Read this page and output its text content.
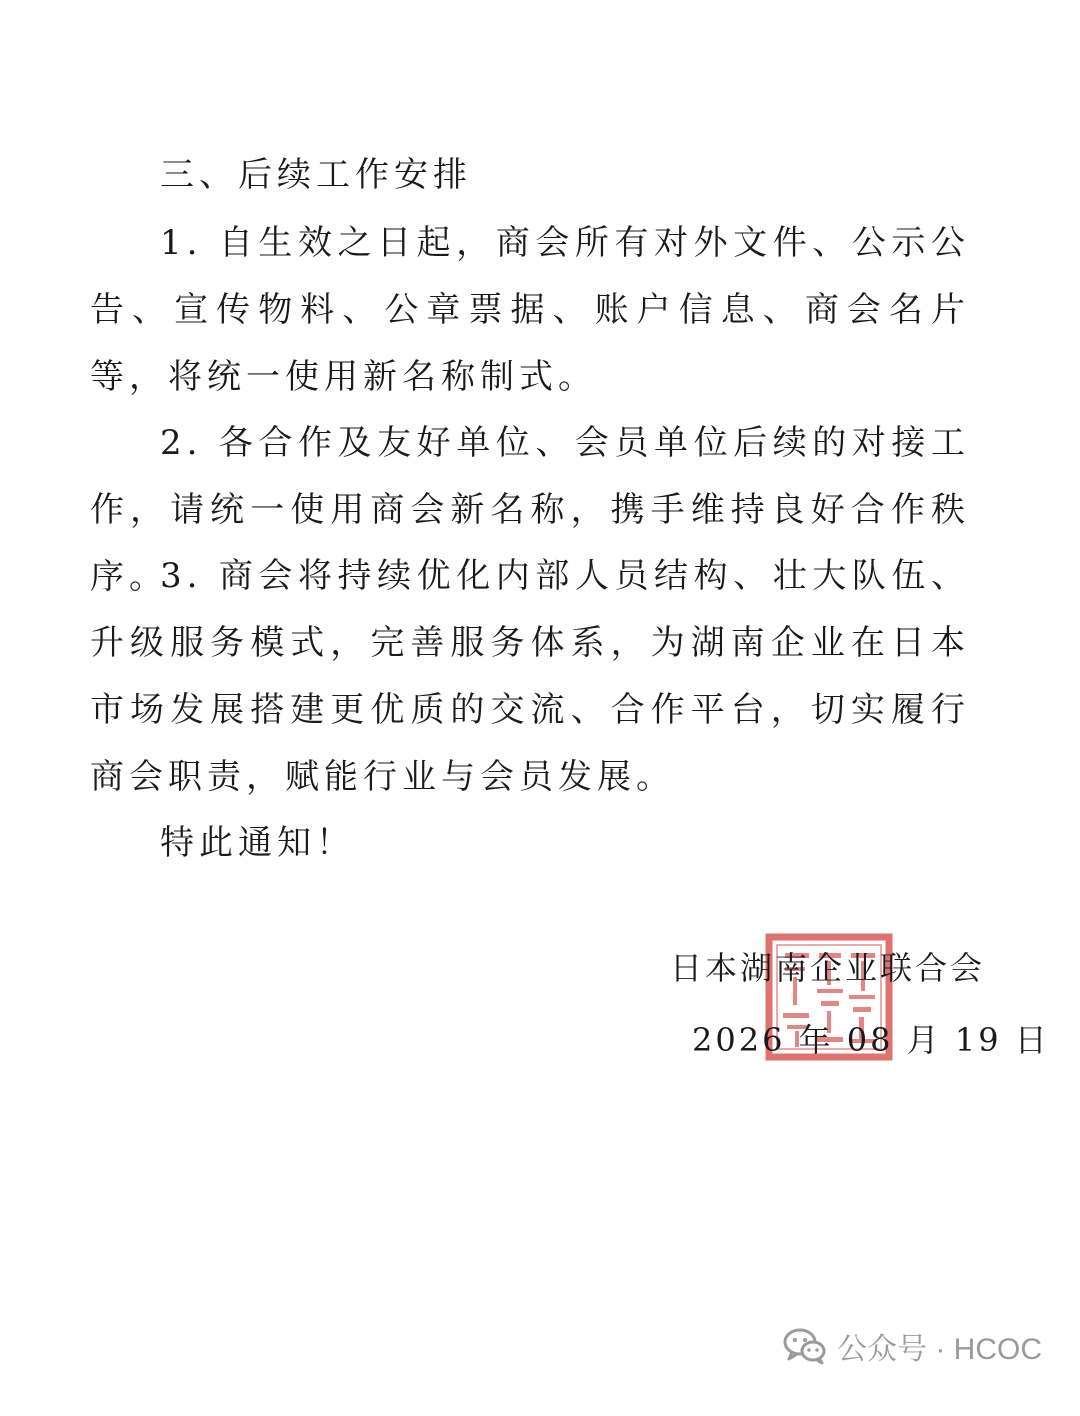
三、后续工作安排

1. 自生效之日起，商会所有对外文件、公示公告、宣传物料、公章票据、账户信息、商会名片等，将统一使用新名称制式。

2. 各合作及友好单位、会员单位后续的对接工作，请统一使用商会新名称，携手维持良好合作秩序。

3. 商会将持续优化内部人员结构、壮大队伍、升级服务模式，完善服务体系，为湖南企业在日本市场发展搭建更优质的交流、合作平台，切实履行商会职责，赋能行业与会员发展。

特此通知！

日本湖南企业联合会
2026 年 08 月 19 日
公众号 · HCOC
